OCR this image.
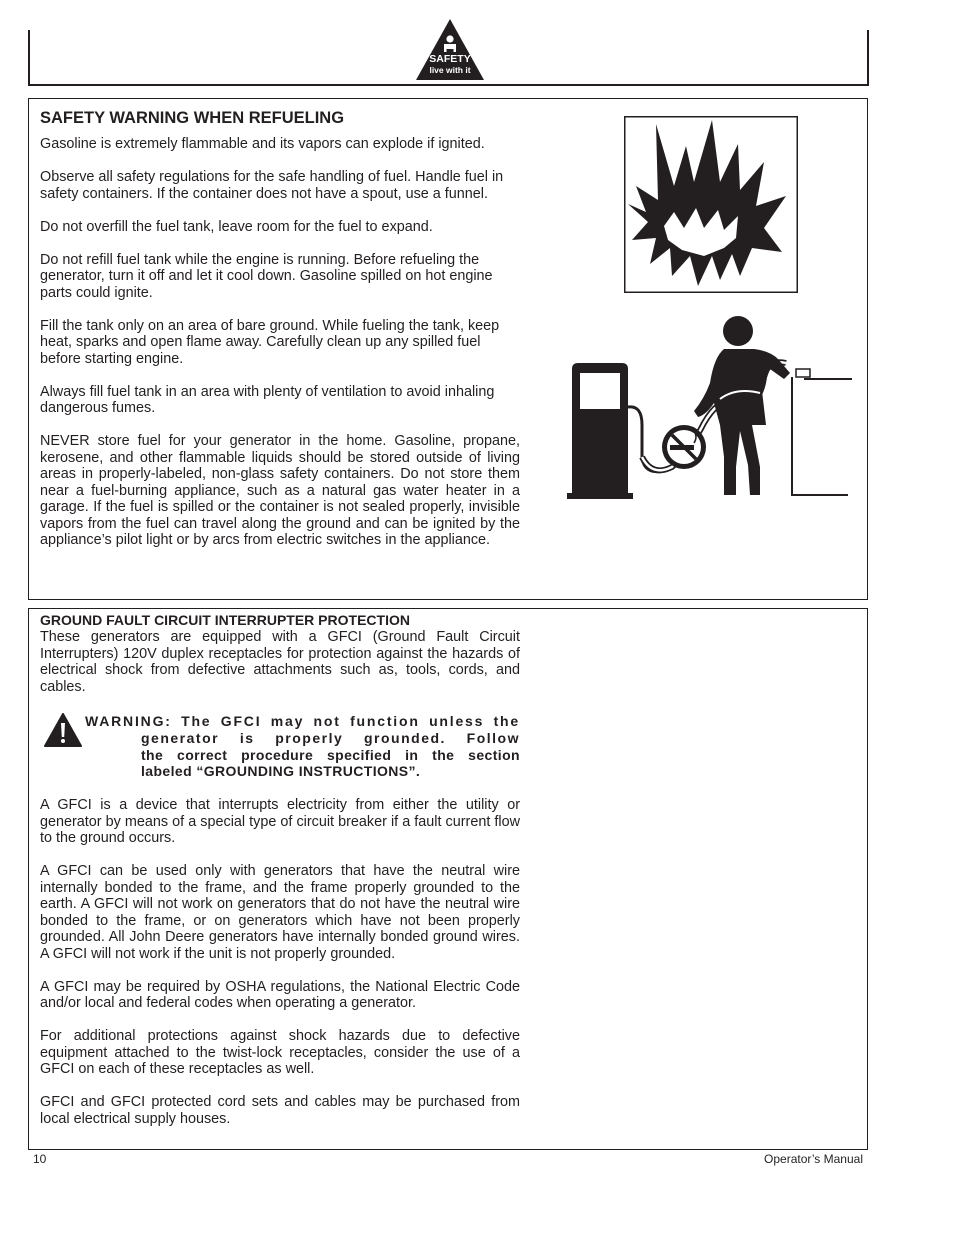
SAFETY
live with it
SAFETY WARNING WHEN REFUELING

Gasoline is extremely flammable and its vapors can explode if ignited.

Observe all safety regulations for the safe handling of fuel. Handle fuel in safety containers. If the container does not have a spout, use a funnel.

Do not overfill the fuel tank, leave room for the fuel to expand.

Do not refill fuel tank while the engine is running. Before refueling the generator, turn it off and let it cool down. Gasoline spilled on hot engine parts could ignite.

Fill the tank only on an area of bare ground. While fueling the tank, keep heat, sparks and open flame away. Carefully clean up any spilled fuel before starting engine.

Always fill fuel tank in an area with plenty of ventilation to avoid inhaling dangerous fumes.

NEVER store fuel for your generator in the home. Gasoline, propane, kerosene, and other flammable liquids should be stored outside of living areas in properly-labeled, non-glass safety containers. Do not store them near a fuel-burning appliance, such as a natural gas water heater in a garage. If the fuel is spilled or the container is not sealed properly, invisible vapors from the fuel can travel along the ground and can be ignited by the appliance’s pilot light or by arcs from electric switches in the appliance.

GROUND FAULT CIRCUIT INTERRUPTER PROTECTION

These generators are equipped with a GFCI (Ground Fault Circuit Interrupters) 120V duplex receptacles for protection against the hazards of electrical shock from defective attachments such as, tools, cords, and cables.

WARNING: The GFCI may not function unless the
generator is properly grounded. Follow
the correct procedure specified in the section
labeled “GROUNDING INSTRUCTIONS”.

A GFCI is a device that interrupts electricity from either the utility or generator by means of a special type of circuit breaker if a fault current flow to the ground occurs.

A GFCI can be used only with generators that have the neutral wire internally bonded to the frame, and the frame properly grounded to the earth. A GFCI will not work on generators that do not have the neutral wire bonded to the frame, or on generators which have not been properly grounded. All John Deere generators have internally bonded ground wires. A GFCI will not work if the unit is not properly grounded.

A GFCI may be required by OSHA regulations, the National Electric Code and/or local and federal codes when operating a generator.

For additional protections against shock hazards due to defective equipment attached to the twist-lock receptacles, consider the use of a GFCI on each of these receptacles as well.

GFCI and GFCI protected cord sets and cables may be purchased from local electrical supply houses.

10	Operator’s Manual
